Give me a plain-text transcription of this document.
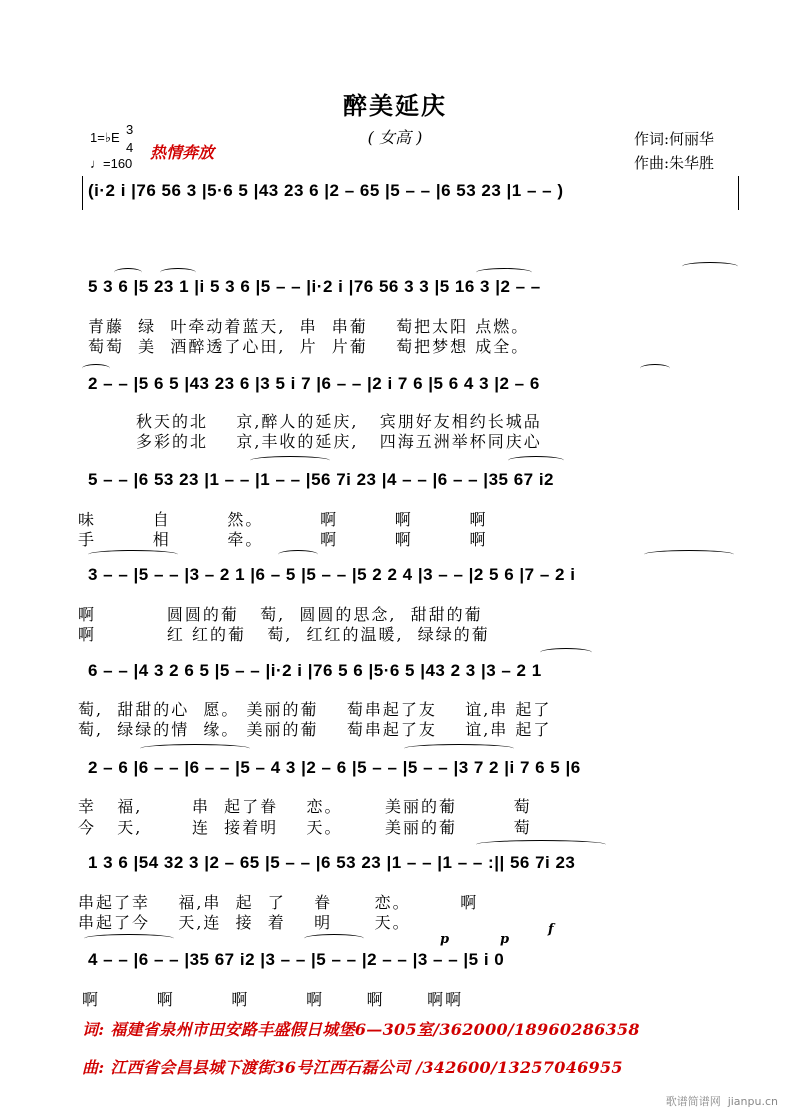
醉美延庆
( 女高 )	作词:何丽华
作曲:朱华胜
1=♭E
3
4
♩=160
热情奔放
(i·2 i |76 56 3 |5·6 5 |43 23 6 |2 – 65 |5 – – |6 53 23 |1 – – )
5 3 6 |5 23 1 |i 5 3 6 |5 – – |i·2 i |76 56 3 3 |5 16 3 |2 – –
青藤  绿  叶牵动着蓝天,  串  串葡    萄把太阳 点燃。
萄萄  美  酒醉透了心田,  片  片葡    萄把梦想 成全。
2 – – |5 6 5 |43 23 6 |3 5 i 7 |6 – – |2 i 7 6 |5 6 4 3 |2 – 6
秋天的北    京,醉人的延庆,   宾朋好友相约长城品
多彩的北    京,丰收的延庆,   四海五洲举杯同庆心
5 – – |6 53 23 |1 – – |1 – – |56 7i 23 |4 – – |6 – – |35 67 i2
味        自        然。        啊        啊        啊
手        相        牵。        啊        啊        啊
3 – – |5 – – |3 – 2 1 |6 – 5 |5 – – |5 2 2 4 |3 – – |2 5 6 |7 – 2 i
啊          圆圆的葡   萄,  圆圆的思念,  甜甜的葡
啊          红 红的葡   萄,  红红的温暖,  绿绿的葡
6 – – |4 3 2 6 5 |5 – – |i·2 i |76 5 6 |5·6 5 |43 2 3 |3 – 2 1
萄,  甜甜的心  愿。 美丽的葡    萄串起了友    谊,串 起了
萄,  绿绿的情  缘。 美丽的葡    萄串起了友    谊,串 起了
2 – 6 |6 – – |6 – – |5 – 4 3 |2 – 6 |5 – – |5 – – |3 7 2 |i 7 6 5 |6
幸   福,       串  起了眷    恋。      美丽的葡        萄
今   天,       连  接着明    天。      美丽的葡        萄
1 3 6 |54 32 3 |2 – 65 |5 – – |6 53 23 |1 – – |1 – – :|| 56 7i 23
串起了幸    福,串  起  了    眷      恋。       啊
串起了今    天,连  接  着    明      天。
p	p
f
4 – – |6 – – |35 67 i2 |3 – – |5 – – |2 – – |3 – – |5 i 0
啊        啊        啊        啊      啊      啊啊
词: 福建省泉州市田安路丰盛假日城堡6—305室/362000/18960286358
曲: 江西省会昌县城下渡街36号江西石磊公司 /342600/13257046955
歌谱简谱网  jianpu.cn
